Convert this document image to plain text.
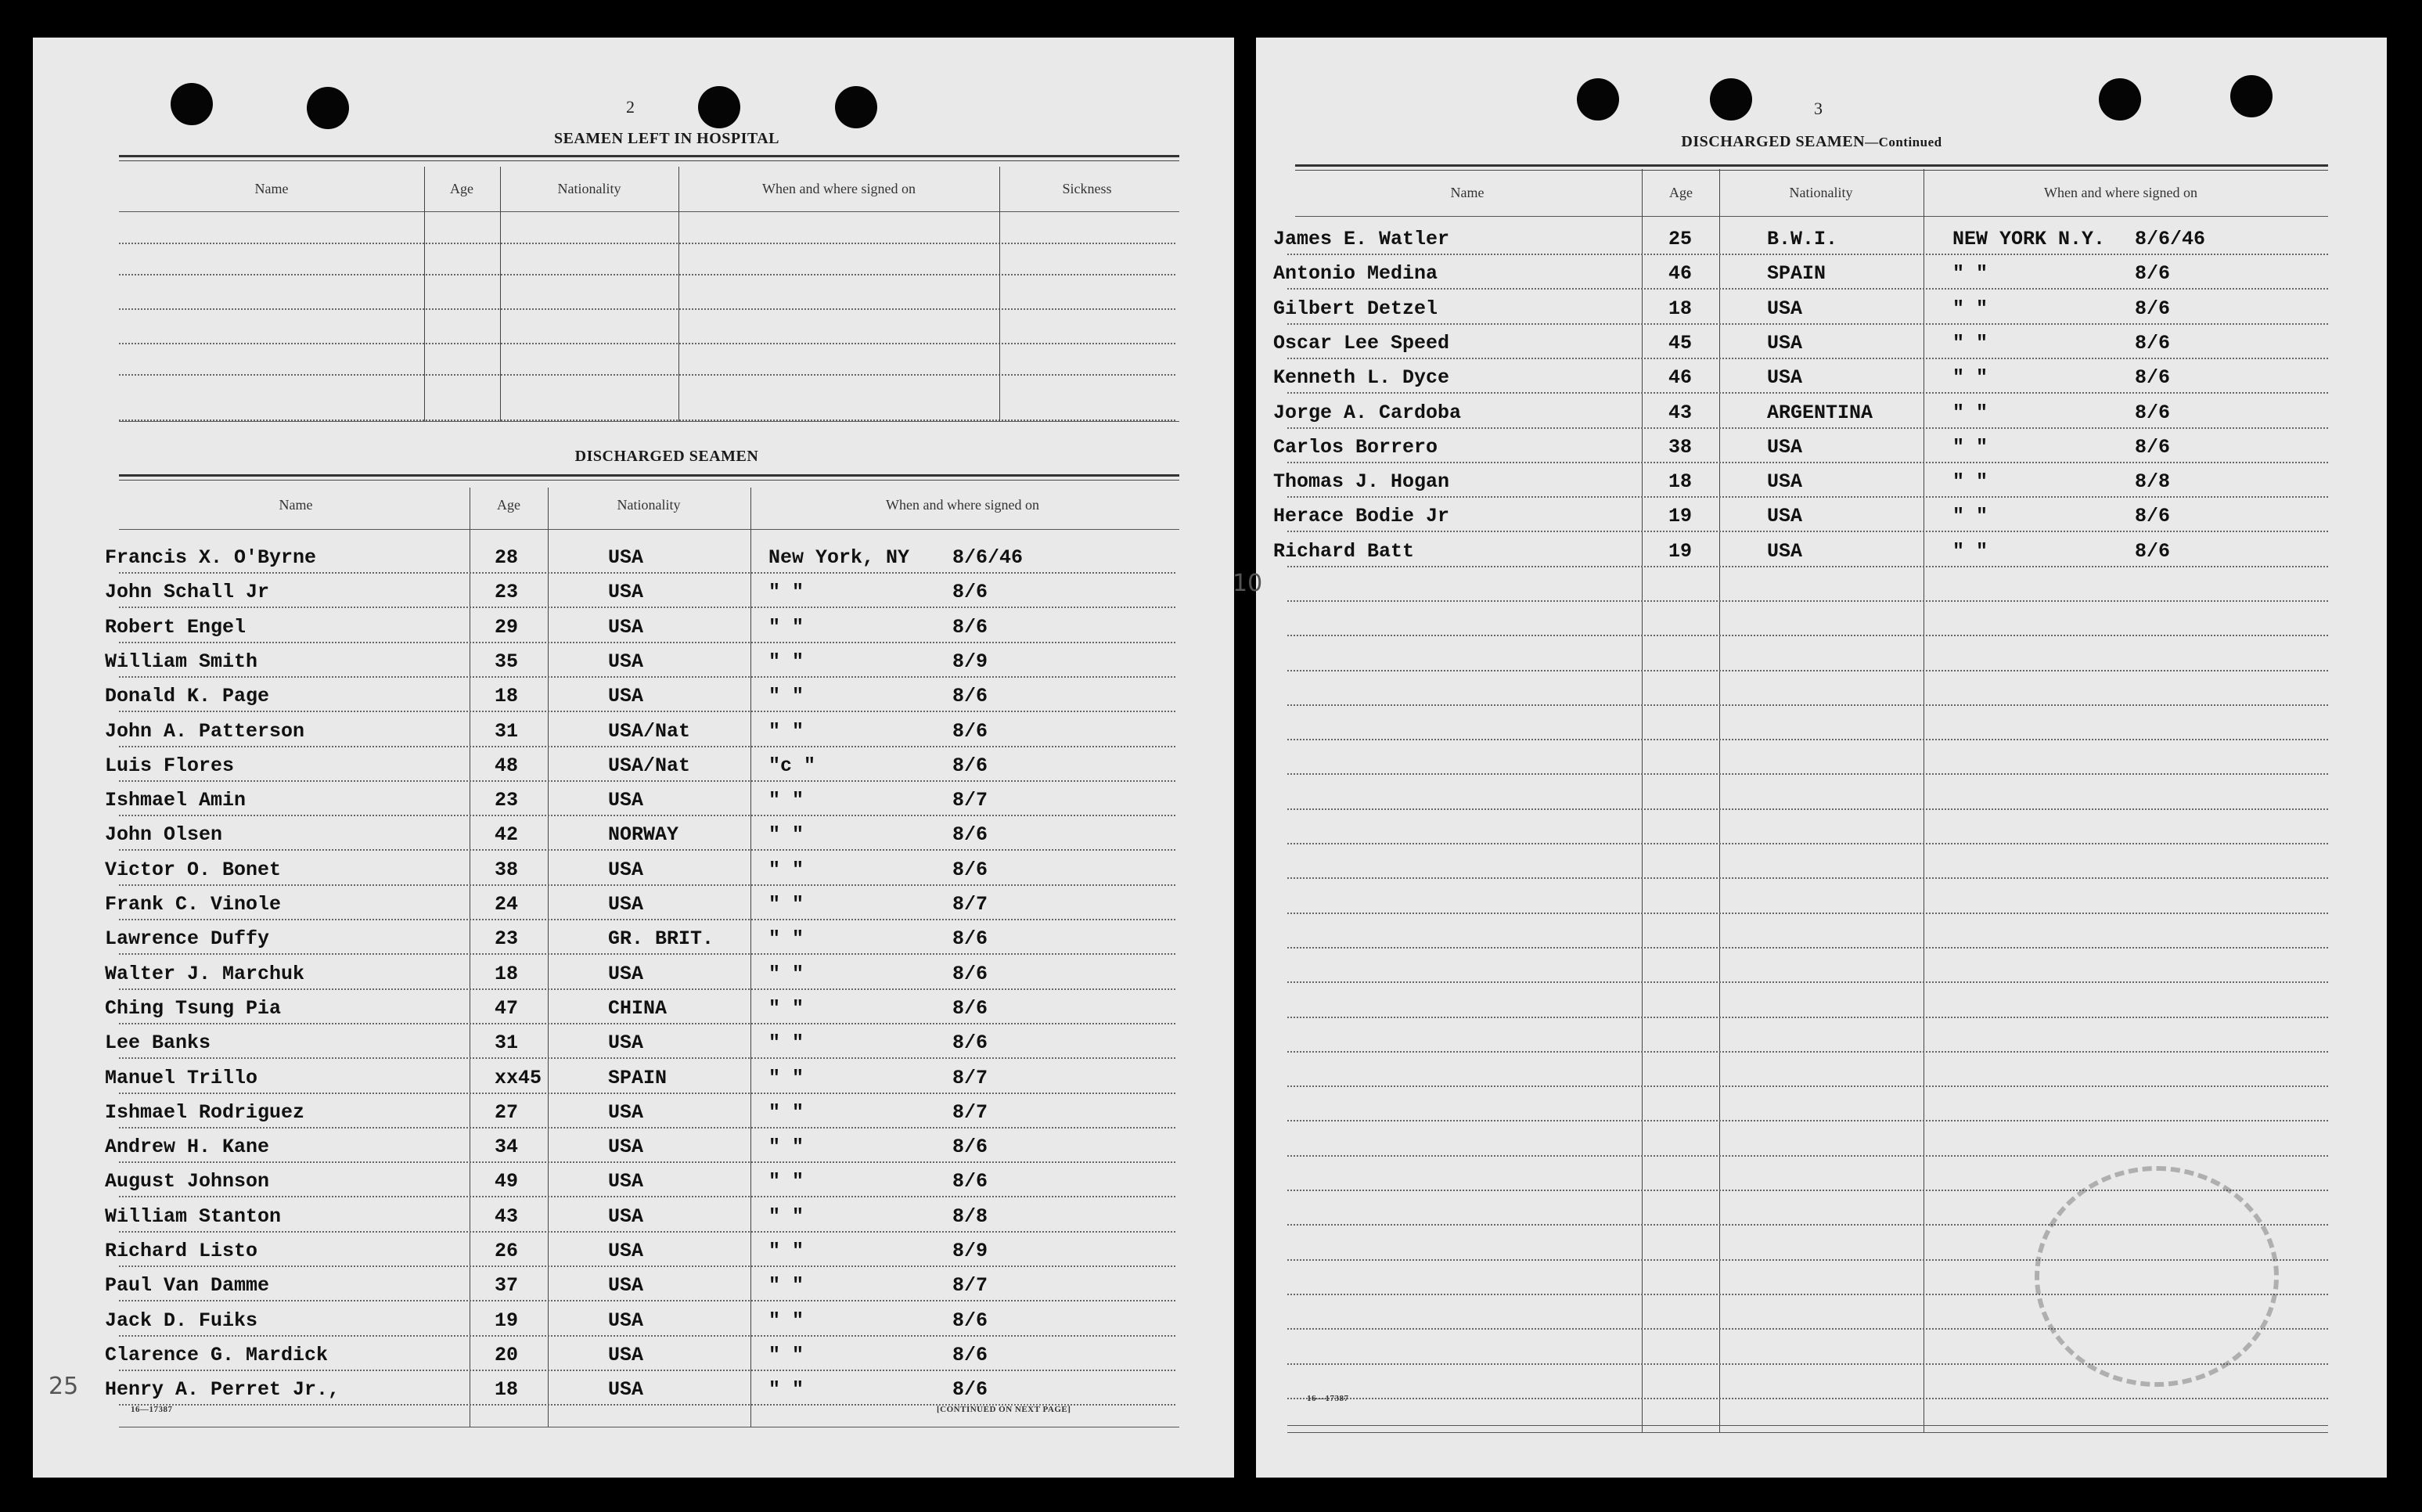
2
SEAMEN LEFT IN HOSPITAL
Name	Age	Nationality	When and where signed on	Sickness
DISCHARGED SEAMEN
Name	Age	Nationality	When and where signed on
Francis X. O'Byrne	28	USA	New York, NY 8/6/46
John Schall Jr	23	USA	" "	8/6
Robert Engel	29	USA	" "	8/6
William Smith	35	USA	" "	8/9
Donald K. Page	18	USA	" "	8/6
John A. Patterson	31	USA/Nat	" "	8/6
Luis Flores	48	USA/Nat	"c "	8/6
Ishmael Amin	23	USA	" "	8/7
John Olsen	42	NORWAY	" "	8/6
Victor O. Bonet	38	USA	" "	8/6
Frank C. Vinole	24	USA	" "	8/7
Lawrence Duffy	23	GR. BRIT.	" "	8/6
Walter J. Marchuk	18	USA	" "	8/6
Ching Tsung Pia	47	CHINA	" "	8/6
Lee Banks	31	USA	" "	8/6
Manuel Trillo	xx45	SPAIN	" "	8/7
Ishmael Rodriguez	27	USA	" "	8/7
Andrew H. Kane	34	USA	" "	8/6
August Johnson	49	USA	" "	8/6
William Stanton	43	USA	" "	8/8
Richard Listo	26	USA	" "	8/9
Paul Van Damme	37	USA	" "	8/7
Jack D. Fuiks	19	USA	" "	8/6
Clarence G. Mardick	20	USA	" "	8/6
Henry A. Perret Jr.,	18	USA	" "	8/6
25
16—17387	[CONTINUED ON NEXT PAGE]
3
DISCHARGED SEAMEN—Continued
Name	Age	Nationality	When and where signed on
James E. Watler	25	B.W.I.	NEW YORK N.Y. 8/6/46
Antonio Medina	46	SPAIN	" "	8/6
Gilbert Detzel	18	USA	" "	8/6
Oscar Lee Speed	45	USA	" "	8/6
Kenneth L. Dyce	46	USA	" "	8/6
Jorge A. Cardoba	43	ARGENTINA	" "	8/6
Carlos Borrero	38	USA	" "	8/6
Thomas J. Hogan	18	USA	" "	8/8
Herace Bodie Jr	19	USA	" "	8/6
Richard Batt	19	USA	" "	8/6
10
16—17387
